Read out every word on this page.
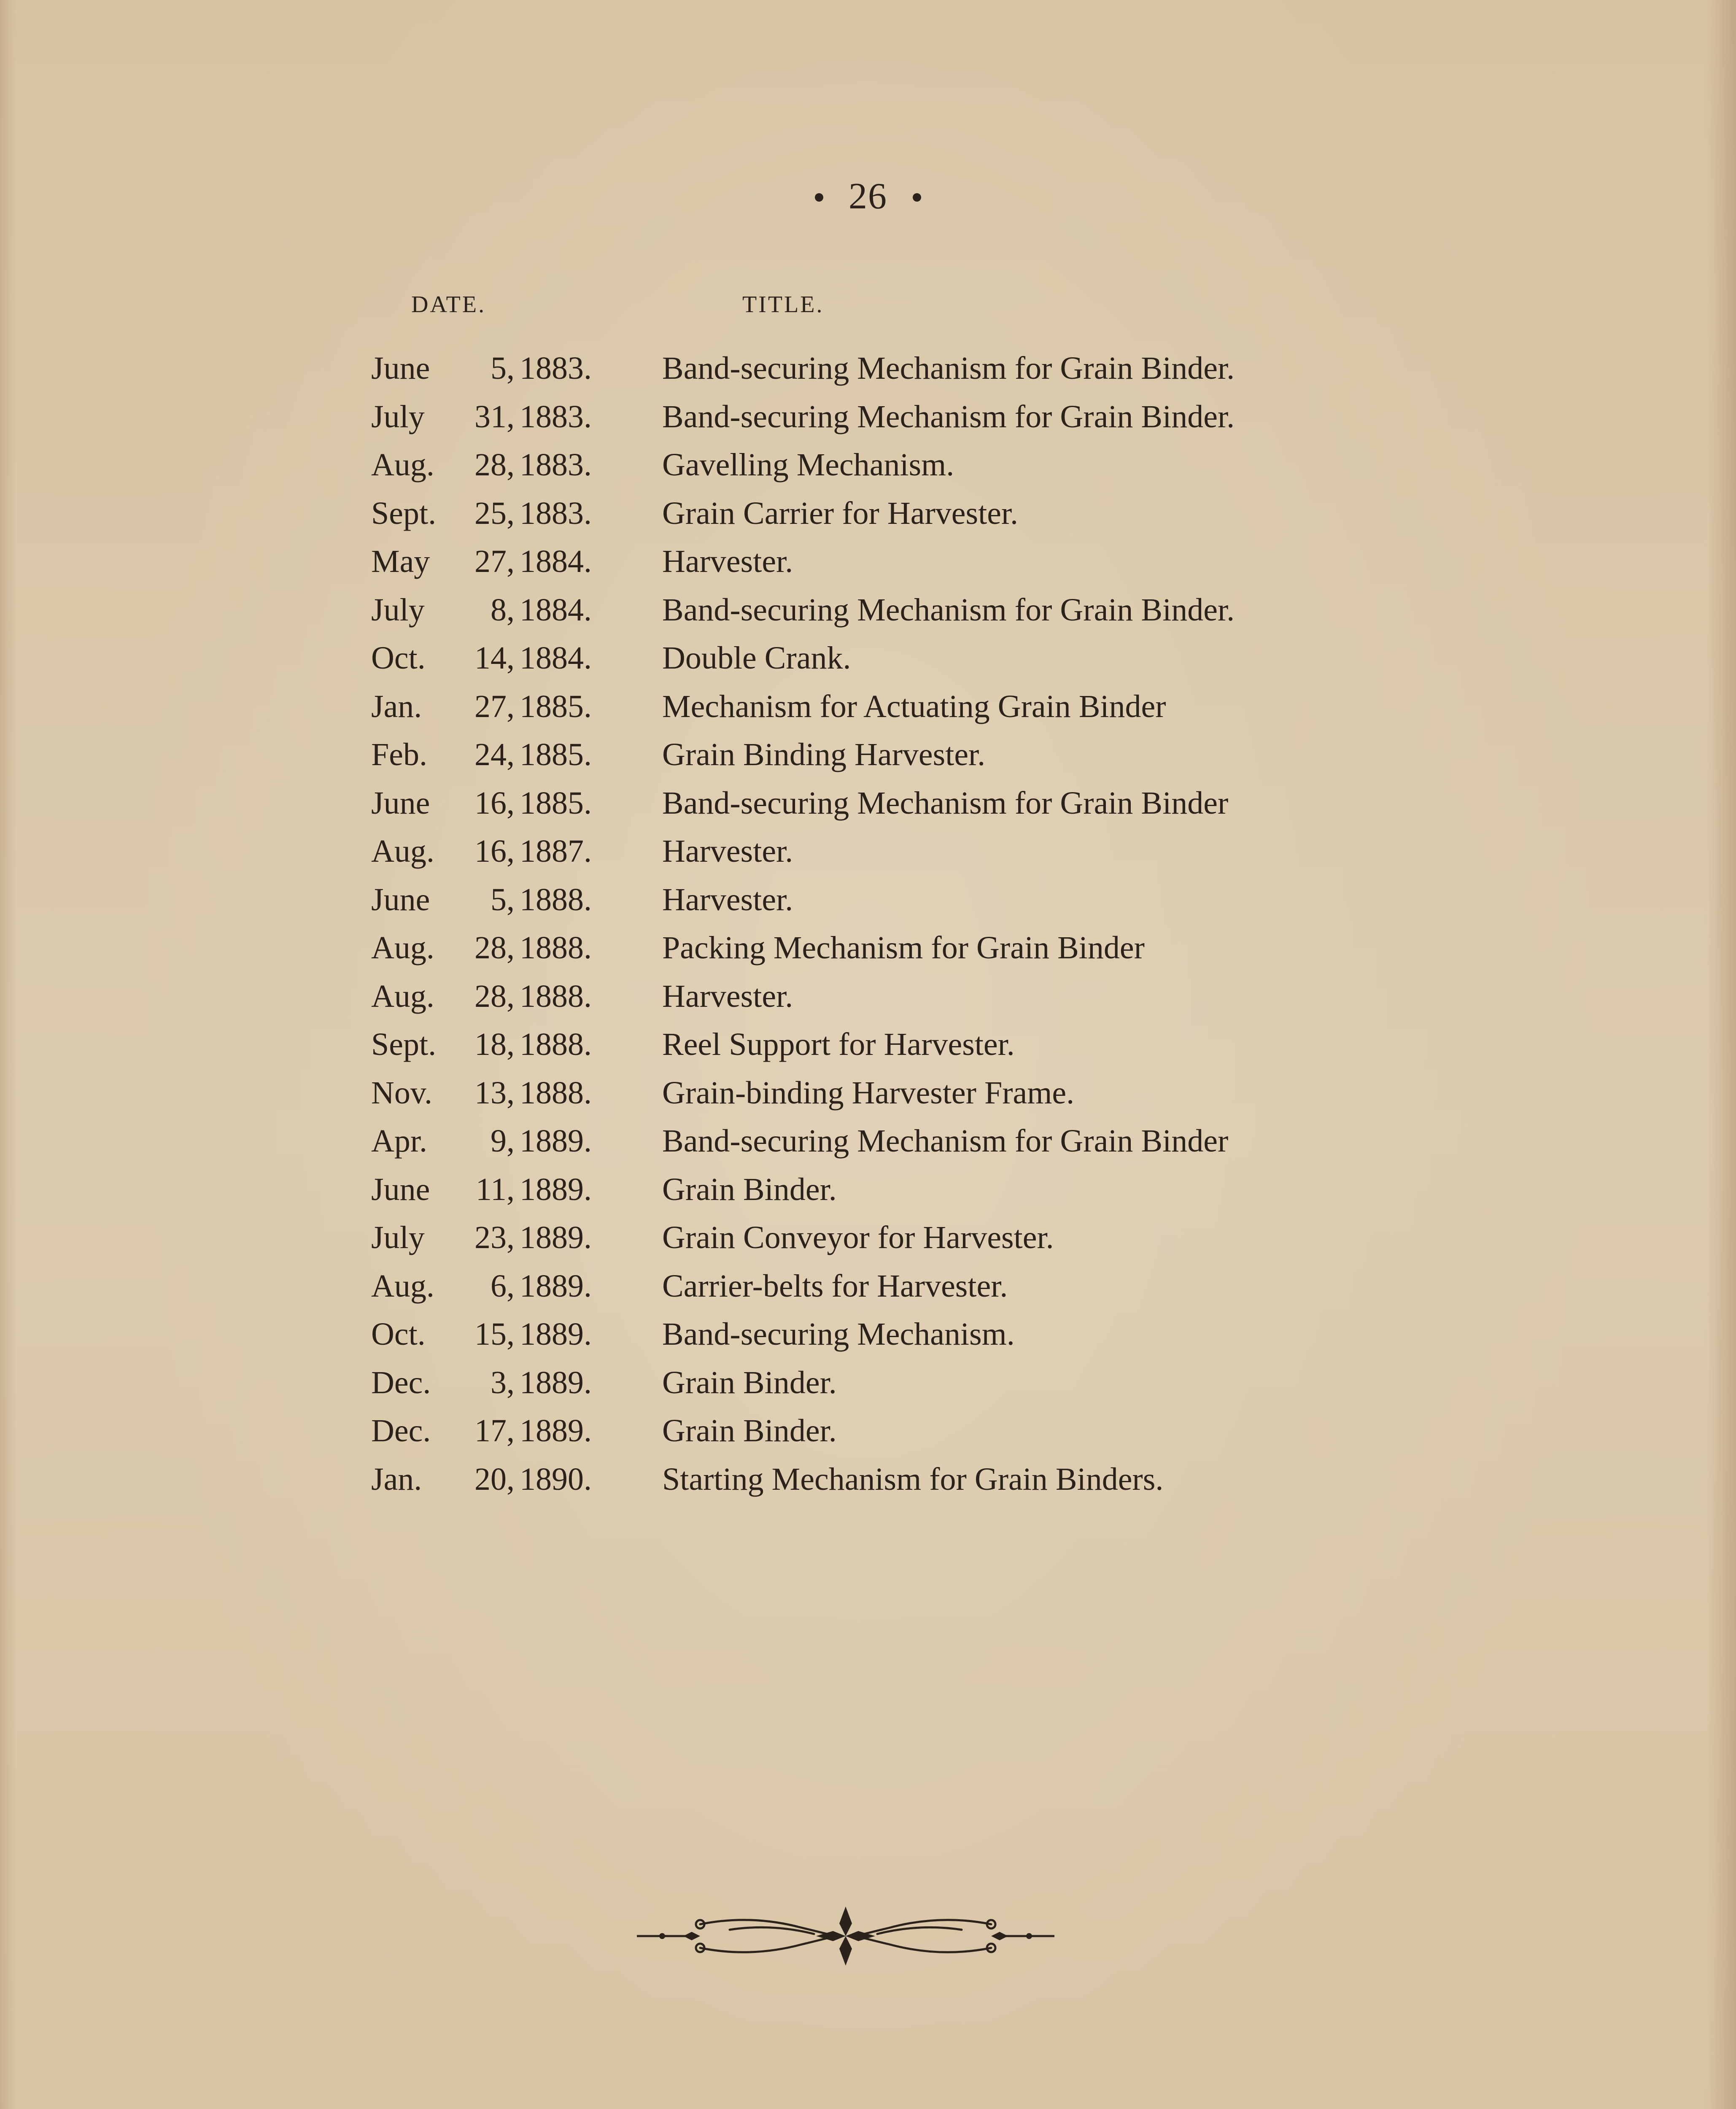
26
DATE.	TITLE.
June	5, 1883.	Band-securing Mechanism for Grain Binder.
July	31, 1883.	Band-securing Mechanism for Grain Binder.
Aug.	28, 1883.	Gavelling Mechanism.
Sept.	25, 1883.	Grain Carrier for Harvester.
May	27, 1884.	Harvester.
July	8, 1884.	Band-securing Mechanism for Grain Binder.
Oct.	14, 1884.	Double Crank.
Jan.	27, 1885.	Mechanism for Actuating Grain Binder
Feb.	24, 1885.	Grain Binding Harvester.
June	16, 1885.	Band-securing Mechanism for Grain Binder
Aug.	16, 1887.	Harvester.
June	5, 1888.	Harvester.
Aug.	28, 1888.	Packing Mechanism for Grain Binder
Aug.	28, 1888.	Harvester.
Sept.	18, 1888.	Reel Support for Harvester.
Nov.	13, 1888.	Grain-binding Harvester Frame.
Apr.	9, 1889.	Band-securing Mechanism for Grain Binder
June	11, 1889.	Grain Binder.
July	23, 1889.	Grain Conveyor for Harvester.
Aug.	6, 1889.	Carrier-belts for Harvester.
Oct.	15, 1889.	Band-securing Mechanism.
Dec.	3, 1889.	Grain Binder.
Dec.	17, 1889.	Grain Binder.
Jan.	20, 1890.	Starting Mechanism for Grain Binders.
